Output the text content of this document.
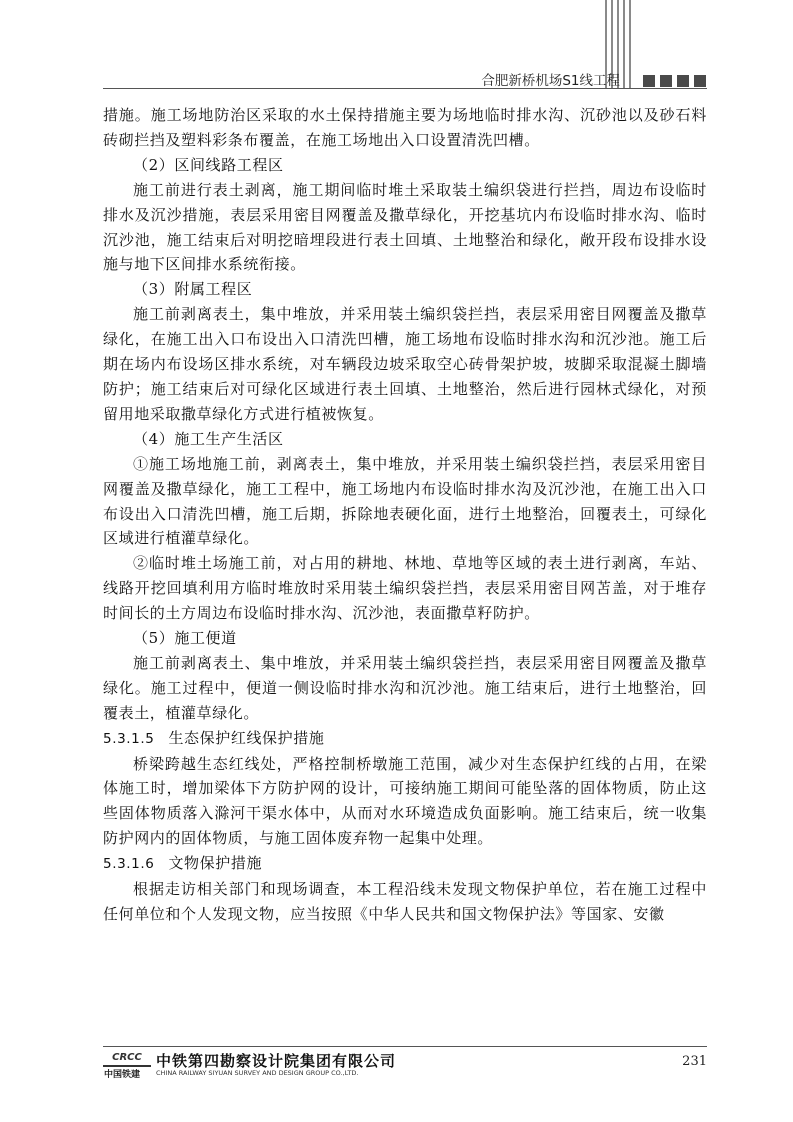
合肥新桥机场S1线工程

措施。施工场地防治区采取的水土保持措施主要为场地临时排水沟、沉砂池以及砂石料砖砌拦挡及塑料彩条布覆盖，在施工场地出入口设置清洗凹槽。

（2）区间线路工程区

施工前进行表土剥离，施工期间临时堆土采取装土编织袋进行拦挡，周边布设临时排水及沉沙措施，表层采用密目网覆盖及撒草绿化，开挖基坑内布设临时排水沟、临时沉沙池，施工结束后对明挖暗埋段进行表土回填、土地整治和绿化，敞开段布设排水设施与地下区间排水系统衔接。

（3）附属工程区

施工前剥离表土，集中堆放，并采用装土编织袋拦挡，表层采用密目网覆盖及撒草绿化，在施工出入口布设出入口清洗凹槽，施工场地布设临时排水沟和沉沙池。施工后期在场内布设场区排水系统，对车辆段边坡采取空心砖骨架护坡，坡脚采取混凝土脚墙防护；施工结束后对可绿化区域进行表土回填、土地整治，然后进行园林式绿化，对预留用地采取撒草绿化方式进行植被恢复。

（4）施工生产生活区

①施工场地施工前，剥离表土，集中堆放，并采用装土编织袋拦挡，表层采用密目网覆盖及撒草绿化，施工工程中，施工场地内布设临时排水沟及沉沙池，在施工出入口布设出入口清洗凹槽，施工后期，拆除地表硬化面，进行土地整治，回覆表土，可绿化区域进行植灌草绿化。

②临时堆土场施工前，对占用的耕地、林地、草地等区域的表土进行剥离，车站、线路开挖回填利用方临时堆放时采用装土编织袋拦挡，表层采用密目网苫盖，对于堆存时间长的土方周边布设临时排水沟、沉沙池，表面撒草籽防护。

（5）施工便道

施工前剥离表土、集中堆放，并采用装土编织袋拦挡，表层采用密目网覆盖及撒草绿化。施工过程中，便道一侧设临时排水沟和沉沙池。施工结束后，进行土地整治，回覆表土，植灌草绿化。

5.3.1.5 生态保护红线保护措施

桥梁跨越生态红线处，严格控制桥墩施工范围，减少对生态保护红线的占用，在梁体施工时，增加梁体下方防护网的设计，可接纳施工期间可能坠落的固体物质，防止这些固体物质落入滁河干渠水体中，从而对水环境造成负面影响。施工结束后，统一收集防护网内的固体物质，与施工固体废弃物一起集中处理。

5.3.1.6 文物保护措施

根据走访相关部门和现场调查，本工程沿线未发现文物保护单位，若在施工过程中任何单位和个人发现文物，应当按照《中华人民共和国文物保护法》等国家、安徽

CRCC
中国铁建
中铁第四勘察设计院集团有限公司
CHINA RAILWAY SIYUAN SURVEY AND DESIGN GROUP CO.,LTD.
231
